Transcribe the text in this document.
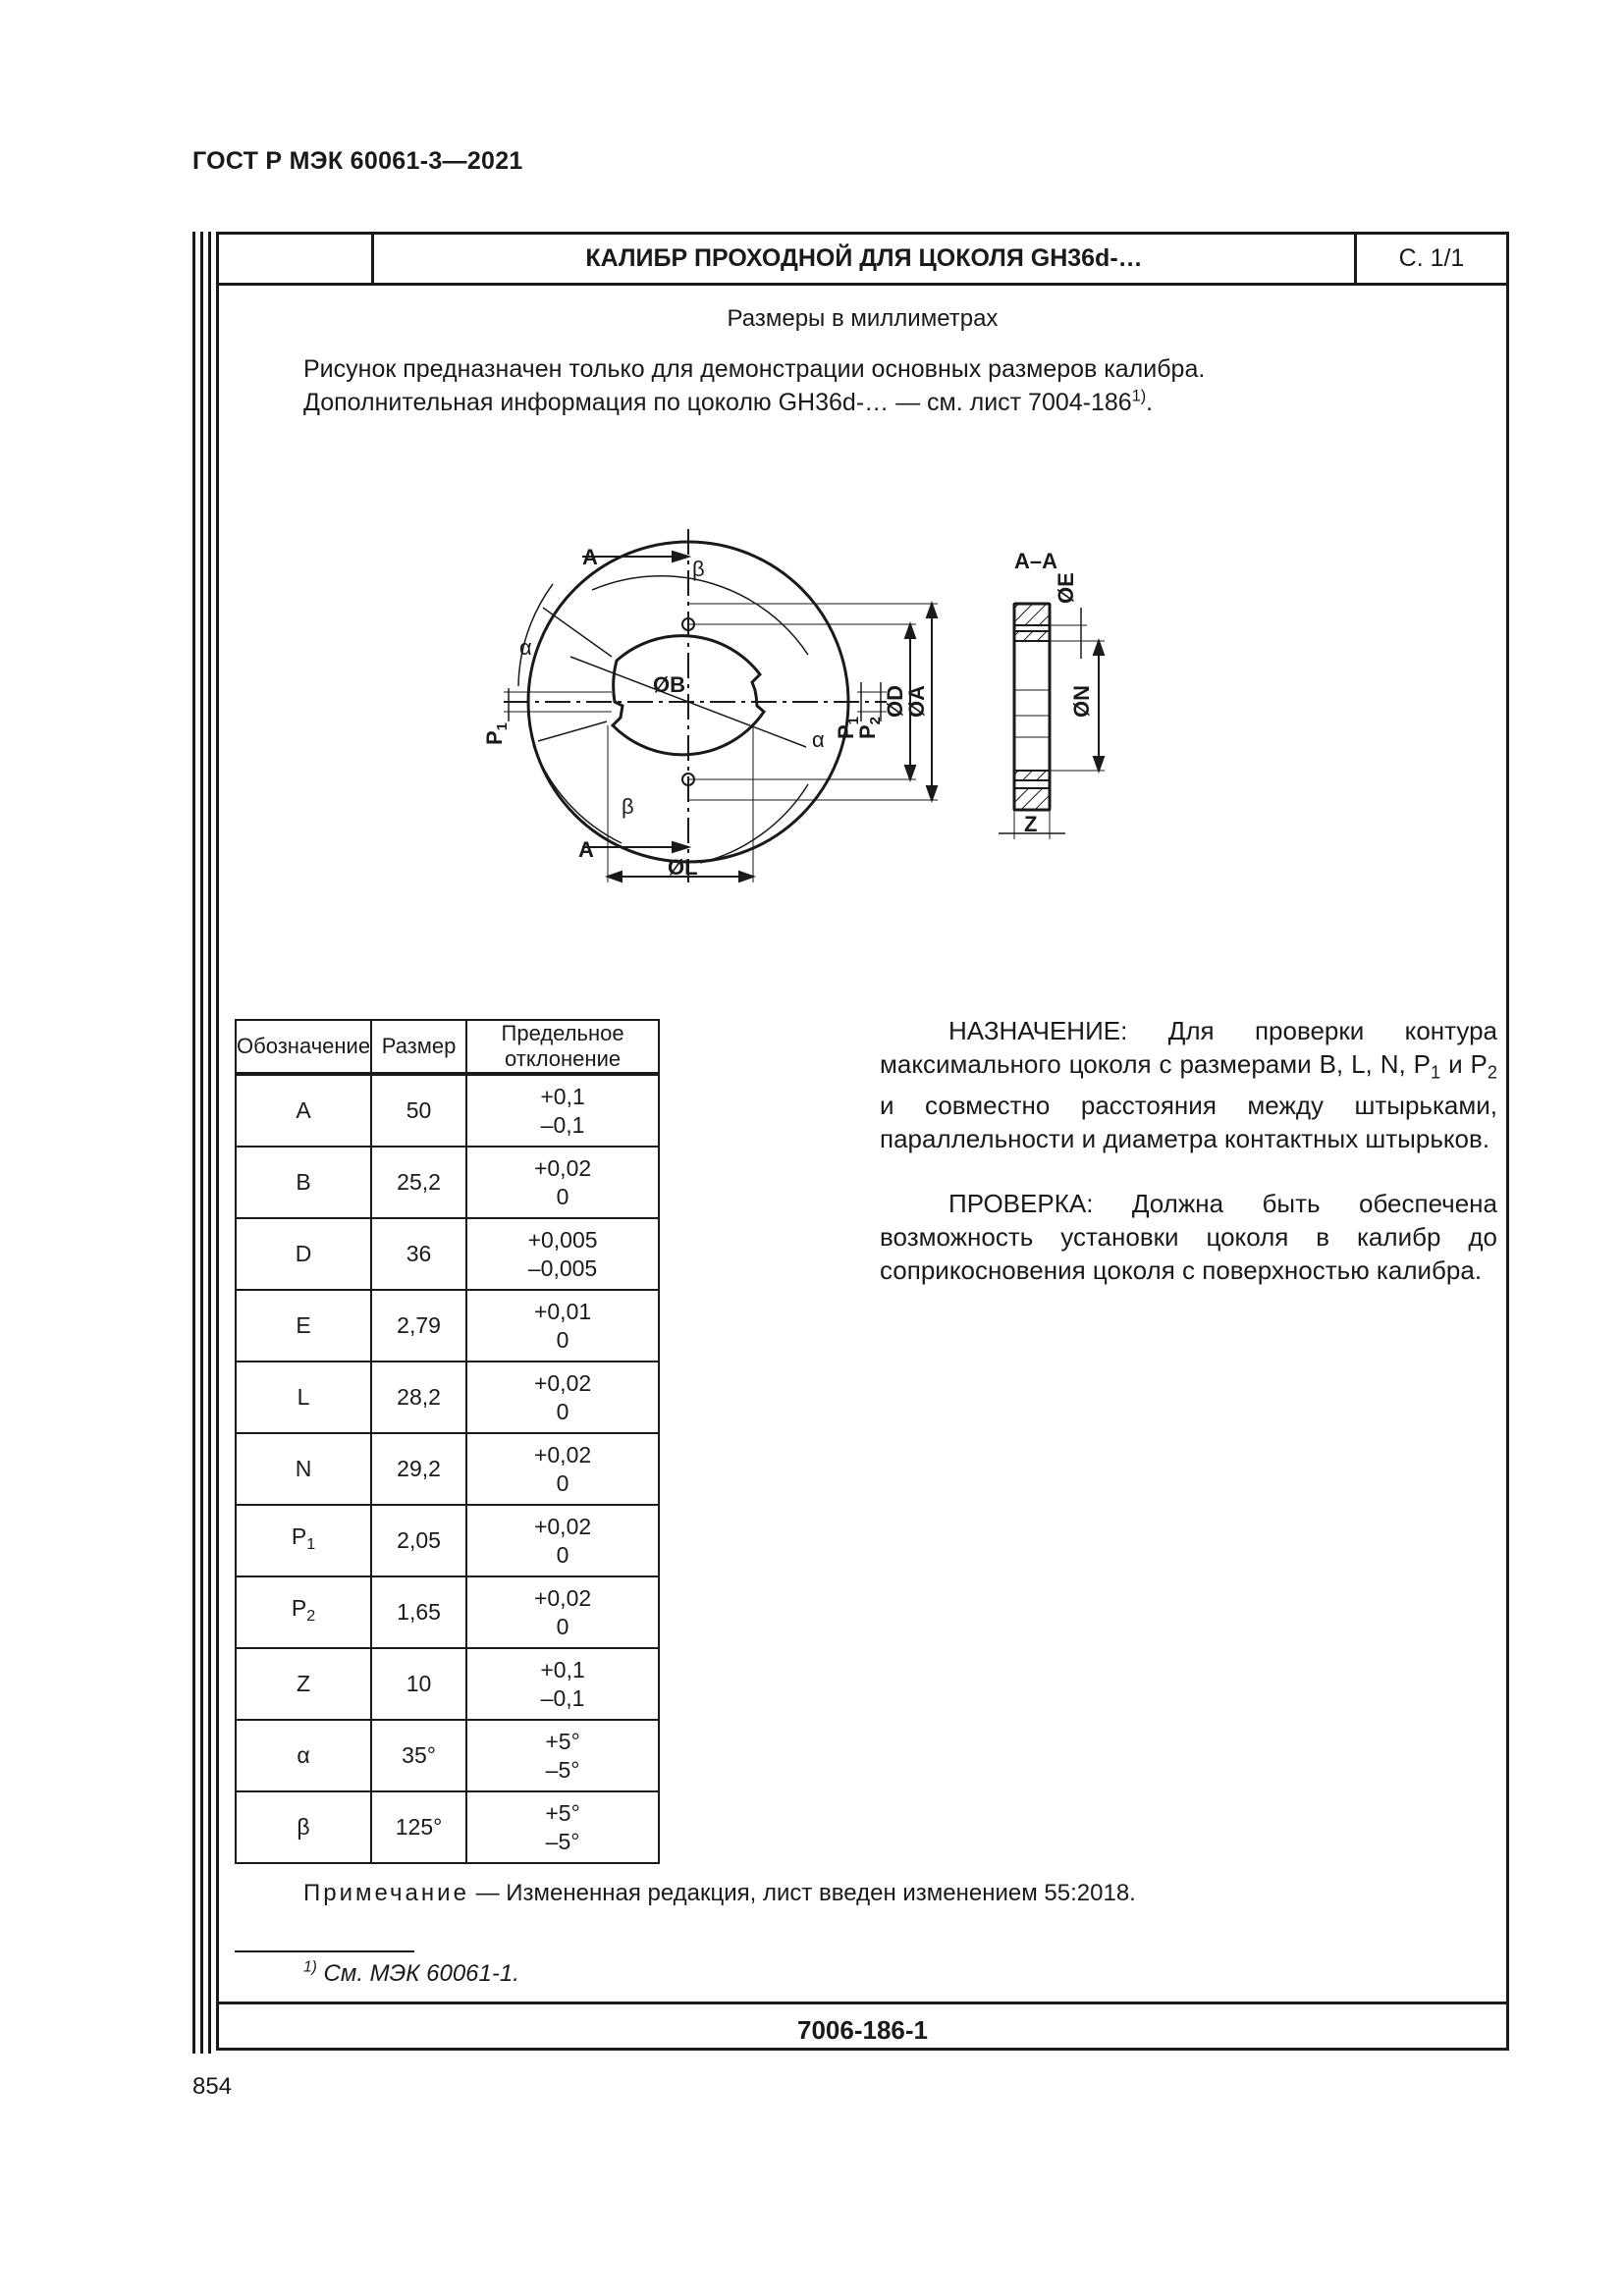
ГОСТ Р МЭК 60061-3—2021
КАЛИБР ПРОХОДНОЙ ДЛЯ ЦОКОЛЯ GH36d-…	С. 1/1
Размеры в миллиметрах
Рисунок предназначен только для демонстрации основных размеров калибра.
Дополнительная информация по цоколю GH36d-… — см. лист 7004-186$^{1)}$.
A
A
A–A
ØB
ØL
Z
ØD
ØA
ØE
ØN
$P_1$	$P_1$
$P_2$
β
β
α
α
Обозначение	Размер	Предельное отклонение
A	50	+0,1
–0,1

B	25,2	+0,02
0

D	36	+0,005
–0,005

E	2,79	+0,01
0

L	28,2	+0,02
0

N	29,2	+0,02
0

$P_1$	2,05	+0,02
0

$P_2$	1,65	+0,02
0

Z	10	+0,1
–0,1

α	35°	+5°
–5°

β	125°	+5°
–5°

НАЗНАЧЕНИЕ: Для проверки контура максимального цоколя с размерами B, L, N, $P_1$ и $P_2$ и совместно расстояния между штырьками, параллельности и диаметра контактных штырьков.

ПРОВЕРКА: Должна быть обеспечена возможность установки цоколя в калибр до соприкосновения цоколя с поверхностью калибра.

Примечание — Измененная редакция, лист введен изменением 55:2018.
$^{1)}$ См. МЭК 60061-1.
7006-186-1
854
